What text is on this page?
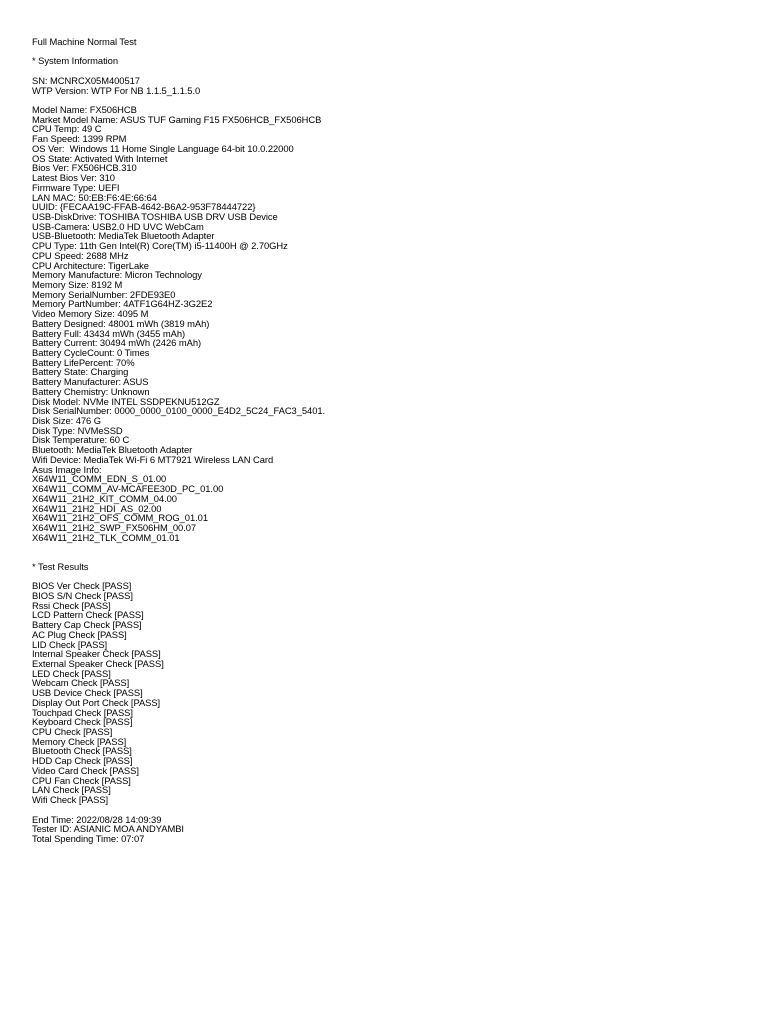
Full Machine Normal Test
* System Information
SN: MCNRCX05M400517
WTP Version: WTP For NB 1.1.5_1.1.5.0
Model Name: FX506HCB
Market Model Name: ASUS TUF Gaming F15 FX506HCB_FX506HCB
CPU Temp: 49 C
Fan Speed: 1399 RPM
OS Ver:  Windows 11 Home Single Language 64-bit 10.0.22000
OS State: Activated With Internet
Bios Ver: FX506HCB.310
Latest Bios Ver: 310
Firmware Type: UEFI
LAN MAC: 50:EB:F6:4E:66:64
UUID: {FECAA19C-FFAB-4642-B6A2-953F78444722}
USB-DiskDrive: TOSHIBA TOSHIBA USB DRV USB Device
USB-Camera: USB2.0 HD UVC WebCam
USB-Bluetooth: MediaTek Bluetooth Adapter
CPU Type: 11th Gen Intel(R) Core(TM) i5-11400H @ 2.70GHz
CPU Speed: 2688 MHz
CPU Architecture: TigerLake
Memory Manufacture: Micron Technology
Memory Size: 8192 M
Memory SerialNumber: 2FDE93E0
Memory PartNumber: 4ATF1G64HZ-3G2E2
Video Memory Size: 4095 M
Battery Designed: 48001 mWh (3819 mAh)
Battery Full: 43434 mWh (3455 mAh)
Battery Current: 30494 mWh (2426 mAh)
Battery CycleCount: 0 Times
Battery LifePercent: 70%
Battery State: Charging
Battery Manufacturer: ASUS
Battery Chemistry: Unknown
Disk Model: NVMe INTEL SSDPEKNU512GZ
Disk SerialNumber: 0000_0000_0100_0000_E4D2_5C24_FAC3_5401.
Disk Size: 476 G
Disk Type: NVMeSSD
Disk Temperature: 60 C
Bluetooth: MediaTek Bluetooth Adapter
Wifi Device: MediaTek Wi-Fi 6 MT7921 Wireless LAN Card
Asus Image Info:
X64W11_COMM_EDN_S_01.00
X64W11_COMM_AV-MCAFEE30D_PC_01.00
X64W11_21H2_KIT_COMM_04.00
X64W11_21H2_HDI_AS_02.00
X64W11_21H2_OFS_COMM_ROG_01.01
X64W11_21H2_SWP_FX506HM_00.07
X64W11_21H2_TLK_COMM_01.01
* Test Results
BIOS Ver Check [PASS]
BIOS S/N Check [PASS]
Rssi Check [PASS]
LCD Pattern Check [PASS]
Battery Cap Check [PASS]
AC Plug Check [PASS]
LID Check [PASS]
Internal Speaker Check [PASS]
External Speaker Check [PASS]
LED Check [PASS]
Webcam Check [PASS]
USB Device Check [PASS]
Display Out Port Check [PASS]
Touchpad Check [PASS]
Keyboard Check [PASS]
CPU Check [PASS]
Memory Check [PASS]
Bluetooth Check [PASS]
HDD Cap Check [PASS]
Video Card Check [PASS]
CPU Fan Check [PASS]
LAN Check [PASS]
Wifi Check [PASS]
End Time: 2022/08/28 14:09:39
Tester ID: ASIANIC MOA ANDYAMBI
Total Spending Time: 07:07
